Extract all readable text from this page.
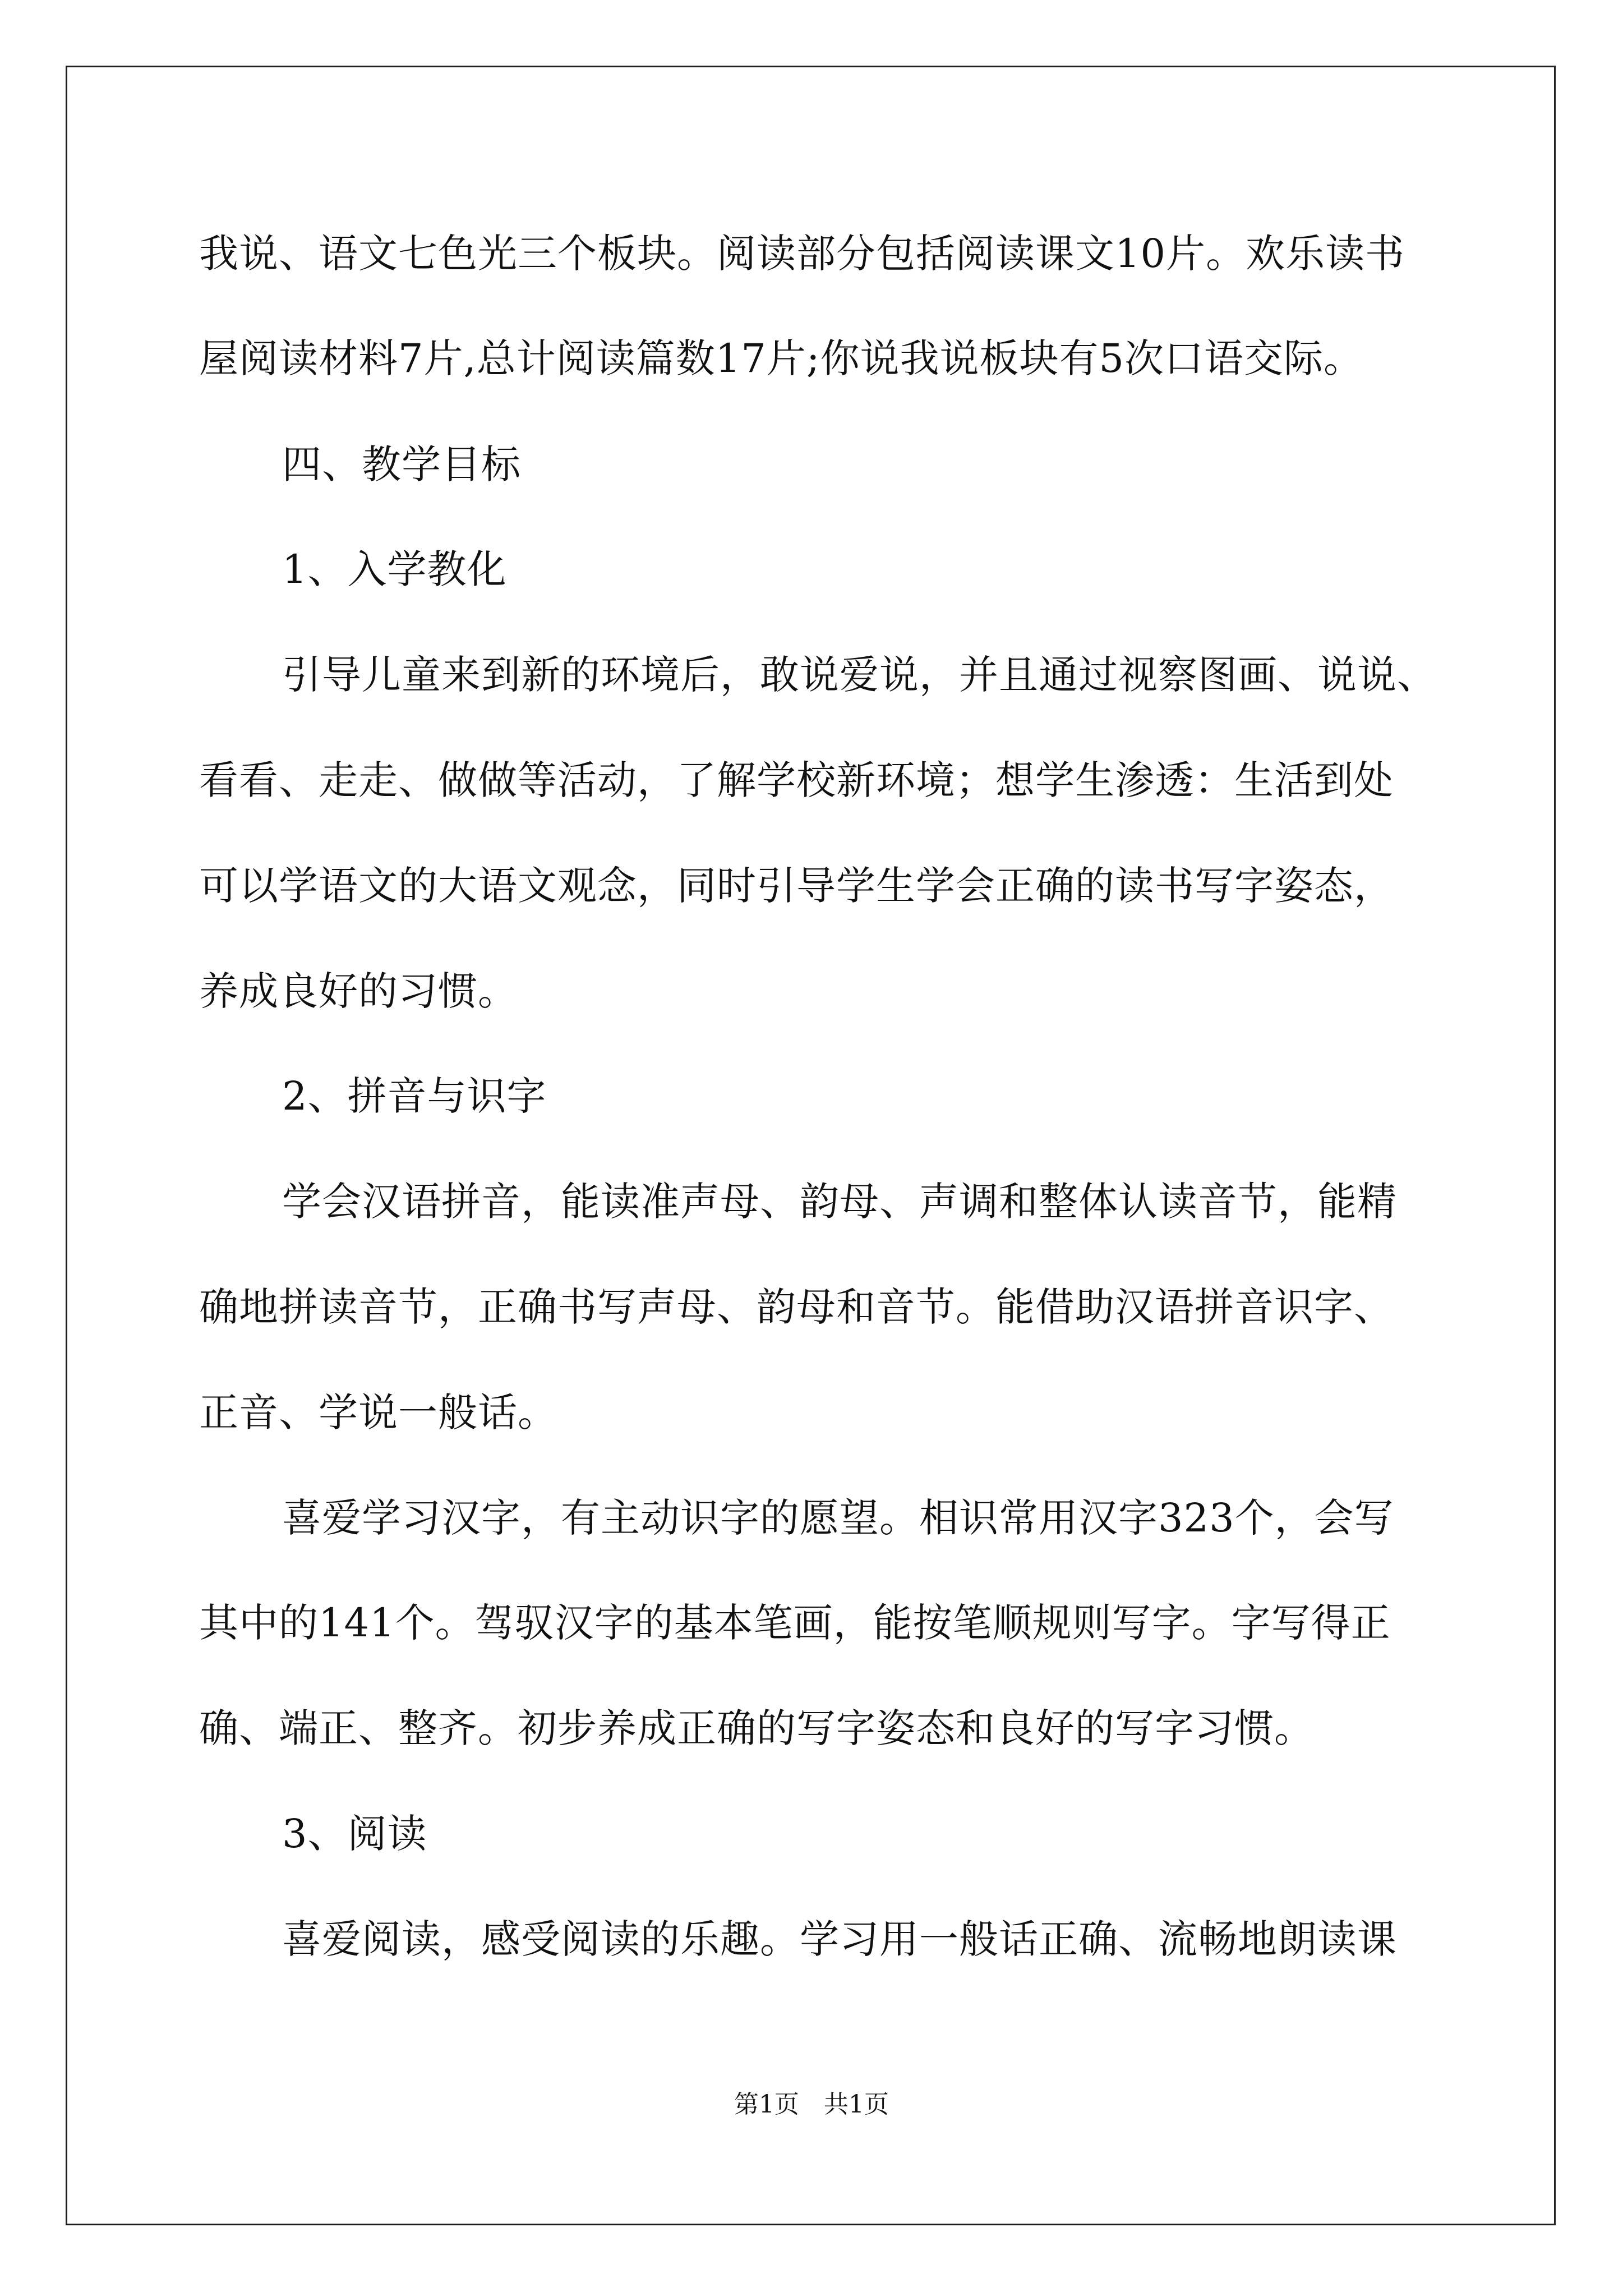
我说、语文七色光三个板块。阅读部分包括阅读课文10片。欢乐读书
屋阅读材料7片,总计阅读篇数17片;你说我说板块有5次口语交际。
四、教学目标
1、入学教化
引导儿童来到新的环境后，敢说爱说，并且通过视察图画、说说、
看看、走走、做做等活动，了解学校新环境；想学生渗透：生活到处
可以学语文的大语文观念，同时引导学生学会正确的读书写字姿态，
养成良好的习惯。
2、拼音与识字
学会汉语拼音，能读准声母、韵母、声调和整体认读音节，能精
确地拼读音节，正确书写声母、韵母和音节。能借助汉语拼音识字、
正音、学说一般话。
喜爱学习汉字，有主动识字的愿望。相识常用汉字323个，会写
其中的141个。驾驭汉字的基本笔画，能按笔顺规则写字。字写得正
确、端正、整齐。初步养成正确的写字姿态和良好的写字习惯。
3、阅读
喜爱阅读，感受阅读的乐趣。学习用一般话正确、流畅地朗读课
第1页　共1页
